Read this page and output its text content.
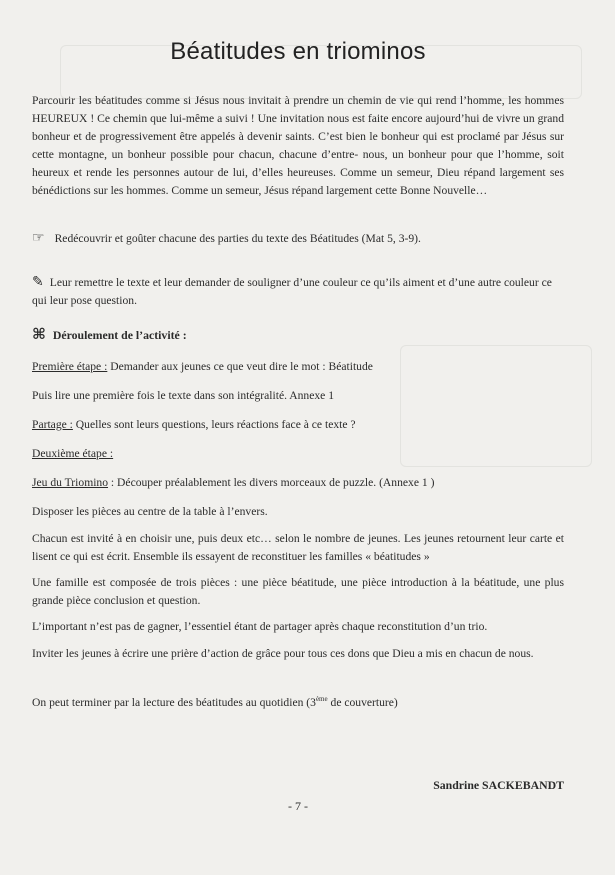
Béatitudes en triominos

Parcourir les béatitudes comme si Jésus nous invitait à prendre un chemin de vie qui rend l’homme, les hommes HEUREUX ! Ce chemin que lui-même a suivi ! Une invitation nous est faite encore aujourd’hui de vivre un grand bonheur et de progressivement être appelés à devenir saints. C’est bien le bonheur qui est proclamé par Jésus sur cette montagne, un bonheur possible pour chacun, chacune d’entre- nous, un bonheur pour que l’homme, soit heureux et rende les personnes autour de lui, d’elles heureuses. Comme un semeur, Dieu répand largement ses bénédictions sur les hommes. Comme un semeur, Jésus répand largement cette Bonne Nouvelle…

☞ Redécouvrir et goûter chacune des parties du texte des Béatitudes (Mat 5, 3-9).

✎ Leur remettre le texte et leur demander de souligner d’une couleur ce qu’ils aiment et d’une autre couleur ce qui leur pose question.

⌘ Déroulement de l’activité :

Première étape : Demander aux jeunes ce que veut dire le mot : Béatitude

Puis lire une première fois le texte dans son intégralité. Annexe 1

Partage : Quelles sont leurs questions, leurs réactions face à ce texte ?

Deuxième étape :

Jeu du Triomino : Découper préalablement les divers morceaux de puzzle. (Annexe 1 )

Disposer les pièces au centre de la table à l’envers.

Chacun est invité à en choisir une, puis deux etc… selon le nombre de jeunes. Les jeunes retournent leur carte et lisent ce qui est écrit. Ensemble ils essayent de reconstituer les familles « béatitudes »

Une famille est composée de trois pièces : une pièce béatitude, une pièce introduction à la béatitude, une plus grande pièce conclusion et question.

L’important n’est pas de gagner, l’essentiel étant de partager après chaque reconstitution d’un trio.

Inviter les jeunes à écrire une prière d’action de grâce pour tous ces dons que Dieu a mis en chacun de nous.

On peut terminer par la lecture des béatitudes au quotidien (3ème de couverture)

Sandrine SACKEBANDT

- 7 -
